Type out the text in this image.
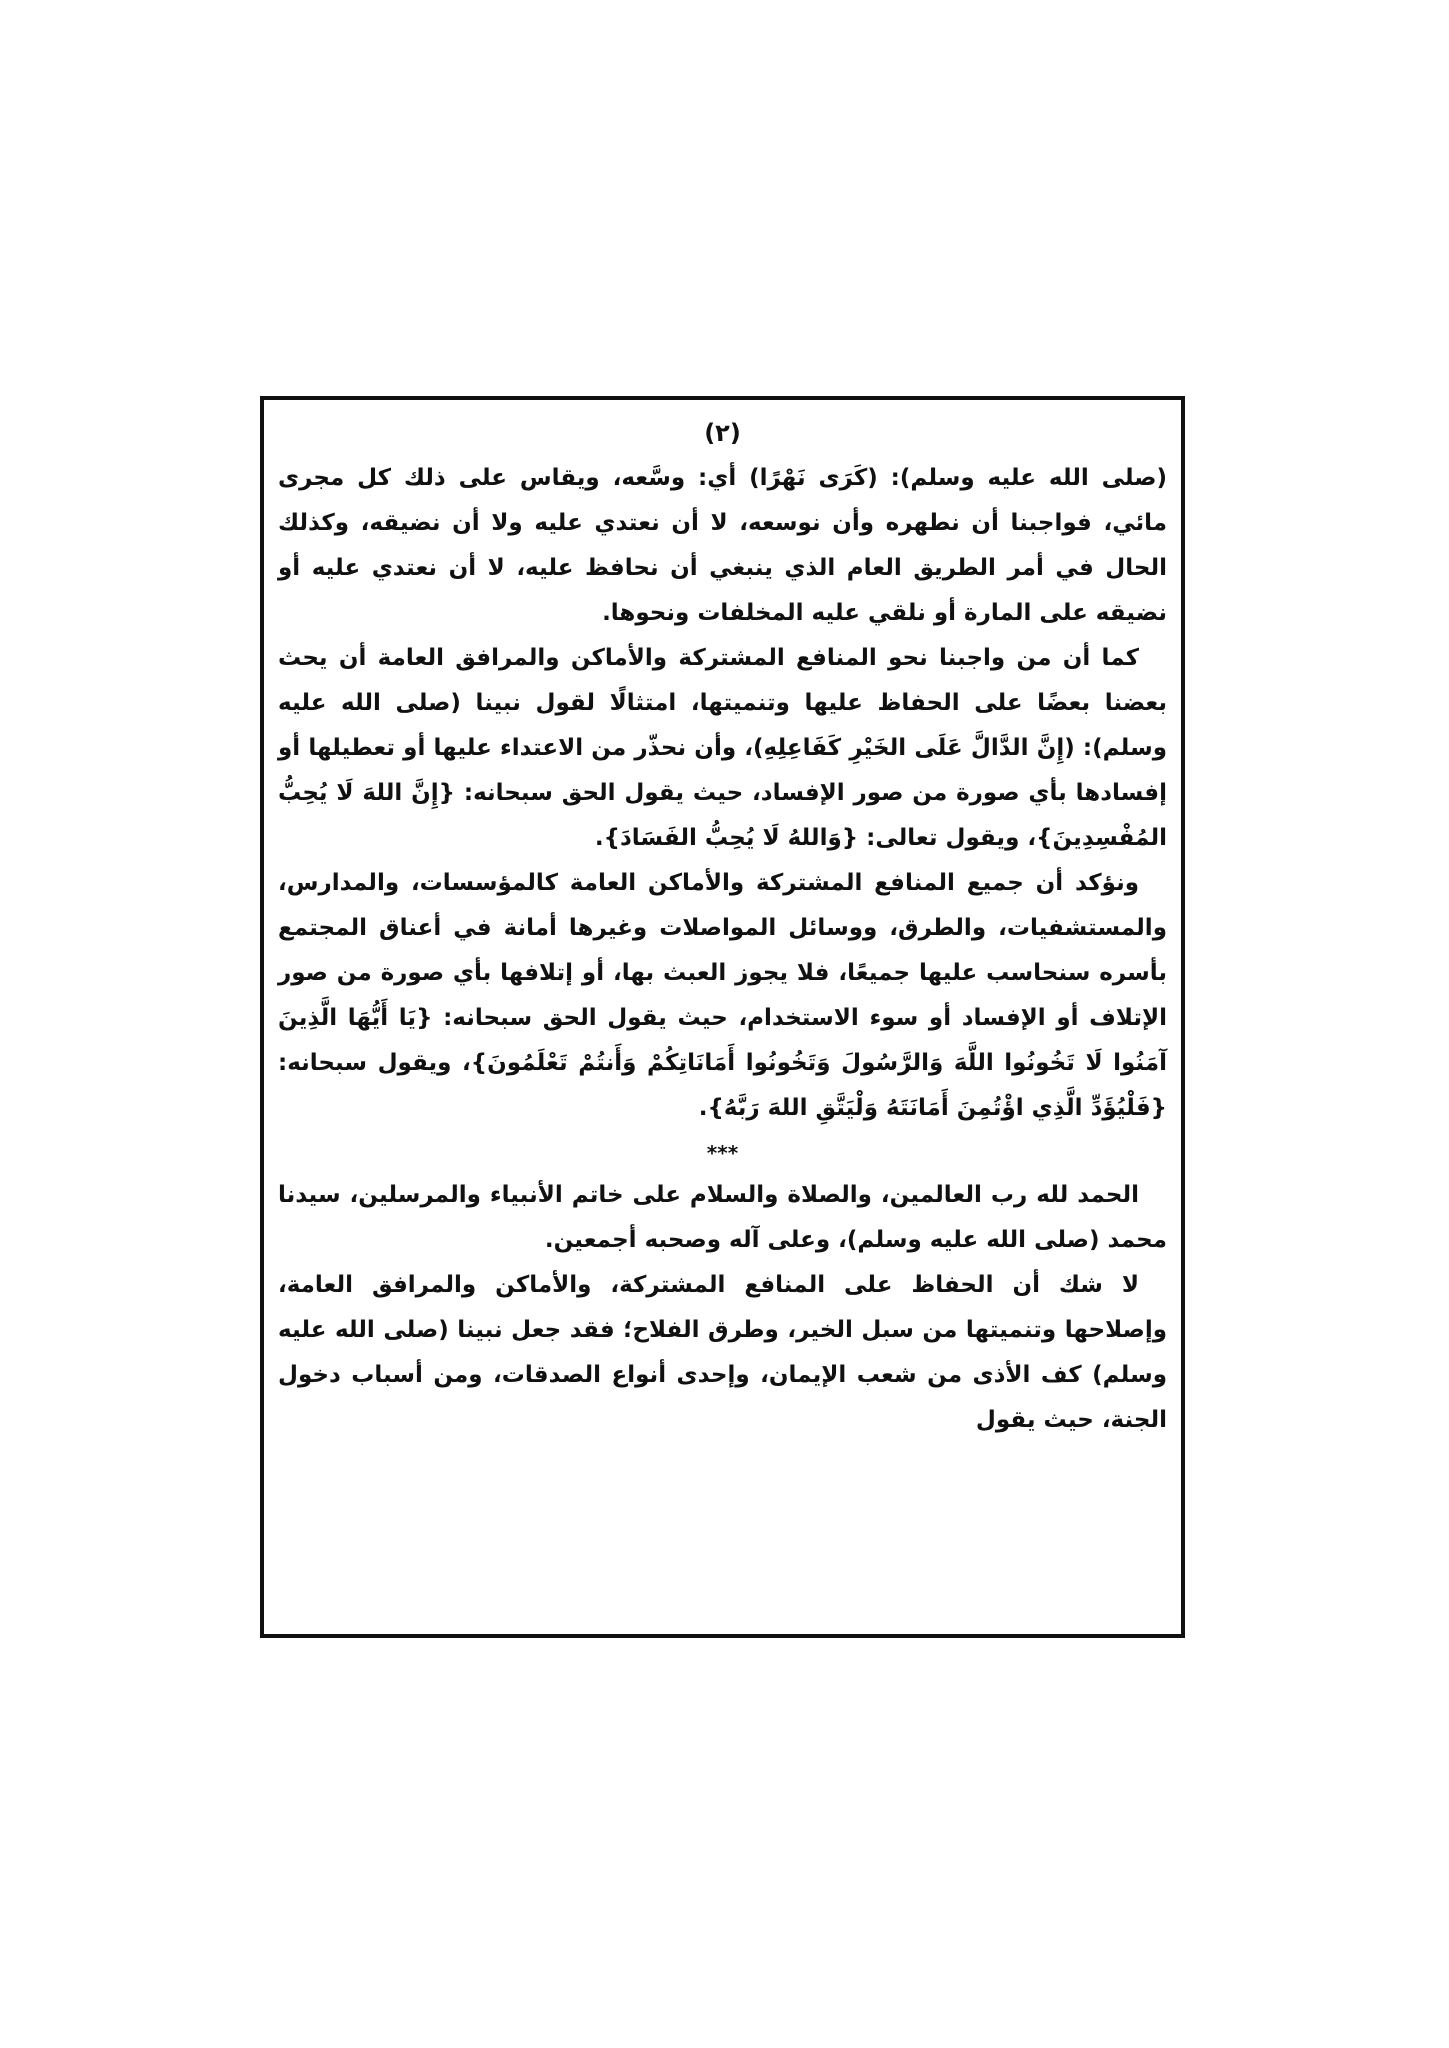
(٢)

(صلى الله عليه وسلم): (كَرَى نَهْرًا) أي: وسَّعه، ويقاس على ذلك كل مجرى مائي، فواجبنا أن نطهره وأن نوسعه، لا أن نعتدي عليه ولا أن نضيقه، وكذلك الحال في أمر الطريق العام الذي ينبغي أن نحافظ عليه، لا أن نعتدي عليه أو نضيقه على المارة أو نلقي عليه المخلفات ونحوها.

كما أن من واجبنا نحو المنافع المشتركة والأماكن والمرافق العامة أن يحث بعضنا بعضًا على الحفاظ عليها وتنميتها، امتثالًا لقول نبينا (صلى الله عليه وسلم): (إِنَّ الدَّالَّ عَلَى الخَيْرِ كَفَاعِلِهِ)، وأن نحذّر من الاعتداء عليها أو تعطيلها أو إفسادها بأي صورة من صور الإفساد، حيث يقول الحق سبحانه: {إِنَّ اللهَ لَا يُحِبُّ المُفْسِدِينَ}، ويقول تعالى: {وَاللهُ لَا يُحِبُّ الفَسَادَ}.

ونؤكد أن جميع المنافع المشتركة والأماكن العامة كالمؤسسات، والمدارس، والمستشفيات، والطرق، ووسائل المواصلات وغيرها أمانة في أعناق المجتمع بأسره سنحاسب عليها جميعًا، فلا يجوز العبث بها، أو إتلافها بأي صورة من صور الإتلاف أو الإفساد أو سوء الاستخدام، حيث يقول الحق سبحانه: {يَا أَيُّهَا الَّذِينَ آمَنُوا لَا تَخُونُوا اللَّهَ وَالرَّسُولَ وَتَخُونُوا أَمَانَاتِكُمْ وَأَنتُمْ تَعْلَمُونَ}، ويقول سبحانه: {فَلْيُؤَدِّ الَّذِي اؤْتُمِنَ أَمَانَتَهُ وَلْيَتَّقِ اللهَ رَبَّهُ}.

***

الحمد لله رب العالمين، والصلاة والسلام على خاتم الأنبياء والمرسلين، سيدنا محمد (صلى الله عليه وسلم)، وعلى آله وصحبه أجمعين.

لا شك أن الحفاظ على المنافع المشتركة، والأماكن والمرافق العامة، وإصلاحها وتنميتها من سبل الخير، وطرق الفلاح؛ فقد جعل نبينا (صلى الله عليه وسلم) كف الأذى من شعب الإيمان، وإحدى أنواع الصدقات، ومن أسباب دخول الجنة، حيث يقول
